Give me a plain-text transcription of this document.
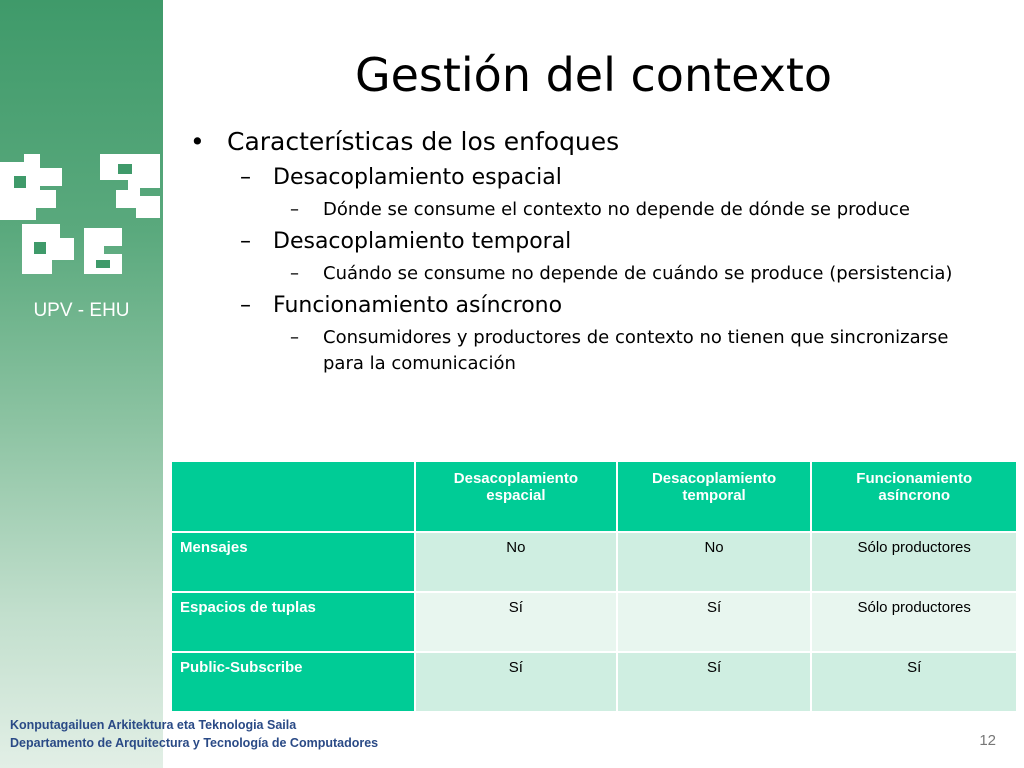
UPV - EHU
Gestión del contexto
• Características de los enfoques
– Desacoplamiento espacial
– Dónde se consume el contexto no depende de dónde se produce
– Desacoplamiento temporal
– Cuándo se consume no depende de cuándo se produce (persistencia)
– Funcionamiento asíncrono
– Consumidores y productores de contexto no tienen que sincronizarse para la comunicación
	Desacoplamiento espacial	Desacoplamiento temporal	Funcionamiento asíncrono
Mensajes	No	No	Sólo productores
Espacios de tuplas	Sí	Sí	Sólo productores
Public-Subscribe	Sí	Sí	Sí
Konputagailuen Arkitektura eta Teknologia Saila
Departamento de Arquitectura y Tecnología de Computadores	12
